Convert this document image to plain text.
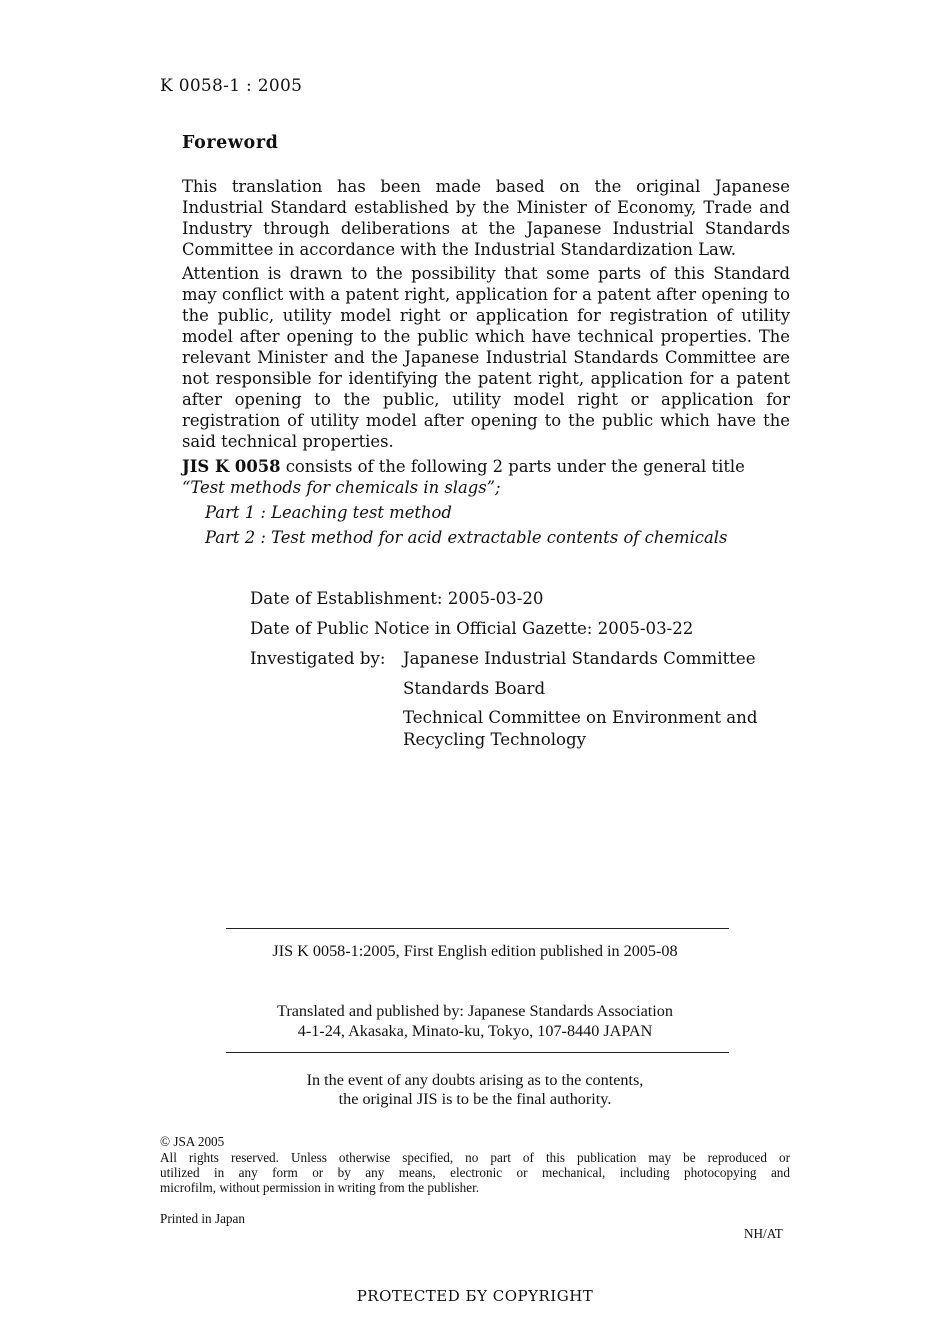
K 0058-1 : 2005
Foreword

This translation has been made based on the original Japanese Industrial Standard established by the Minister of Economy, Trade and Industry through deliberations at the Japanese Industrial Standards Committee in accordance with the Industrial Standardization Law.

Attention is drawn to the possibility that some parts of this Standard may conflict with a patent right, application for a patent after opening to the public, utility model right or application for registration of utility model after opening to the public which have technical properties. The relevant Minister and the Japanese Industrial Standards Committee are not responsible for identifying the patent right, application for a patent after opening to the public, utility model right or application for registration of utility model after opening to the public which have the said technical properties.

JIS K 0058 consists of the following 2 parts under the general title
“Test methods for chemicals in slags”;

Part 1 : Leaching test method
Part 2 : Test method for acid extractable contents of chemicals
Date of Establishment: 2005-03-20
Date of Public Notice in Official Gazette: 2005-03-22
Investigated by: Japanese Industrial Standards Committee
Standards Board
Technical Committee on Environment and
Recycling Technology
JIS K 0058-1:2005, First English edition published in 2005-08
Translated and published by: Japanese Standards Association
4-1-24, Akasaka, Minato-ku, Tokyo, 107-8440 JAPAN
In the event of any doubts arising as to the contents,
the original JIS is to be the final authority.
© JSA 2005
All rights reserved. Unless otherwise specified, no part of this publication may be reproduced or
utilized in any form or by any means, electronic or mechanical, including photocopying and
microfilm, without permission in writing from the publisher.
Printed in Japan
NH/AT
PROTECTED БY COPYRIGHT
